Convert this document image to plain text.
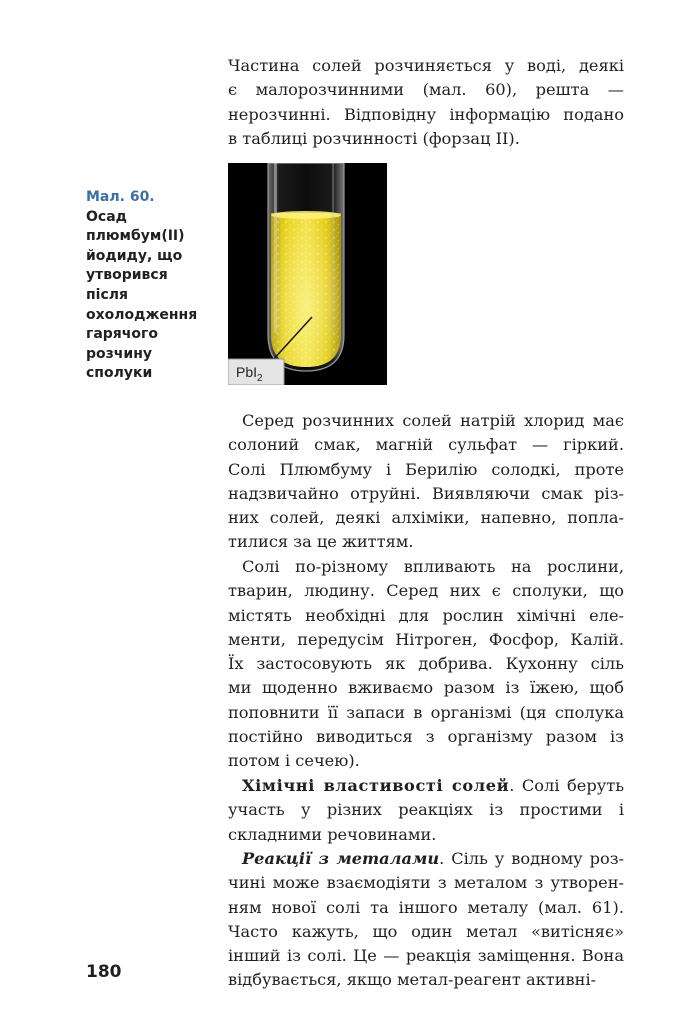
Частина солей розчиняється у воді, деякі
є малорозчинними (мал. 60), решта —
нерозчинні. Відповідну інформацію подано
в таблиці розчинності (форзац ІІ).

Мал. 60.
Осад
плюмбум(ІІ)
йодиду, що
утворився
після
охолодження
гарячого
розчину
сполуки	PbI$_2$

Серед розчинних солей натрій хлорид має
солоний смак, магній сульфат — гіркий.
Солі Плюмбуму і Берилію солодкі, проте
надзвичайно отруйні. Виявляючи смак різ-
них солей, деякі алхіміки, напевно, попла-
тилися за це життям.

Солі по-різному впливають на рослини,
тварин, людину. Серед них є сполуки, що
містять необхідні для рослин хімічні еле-
менти, передусім Нітроген, Фосфор, Калій.
Їх застосовують як добрива. Кухонну сіль
ми щоденно вживаємо разом із їжею, щоб
поповнити її запаси в організмі (ця сполука
постійно виводиться з організму разом із
потом і сечею).

Хімічні властивості солей. Солі беруть
участь у різних реакціях із простими і
складними речовинами.

Реакції з металами. Сіль у водному роз-
чині може взаємодіяти з металом з утворен-
ням нової солі та іншого металу (мал. 61).
Часто кажуть, що один метал «витісняє»
інший із солі. Це — реакція заміщення. Вона
відбувається, якщо метал-реагент активні-

180
